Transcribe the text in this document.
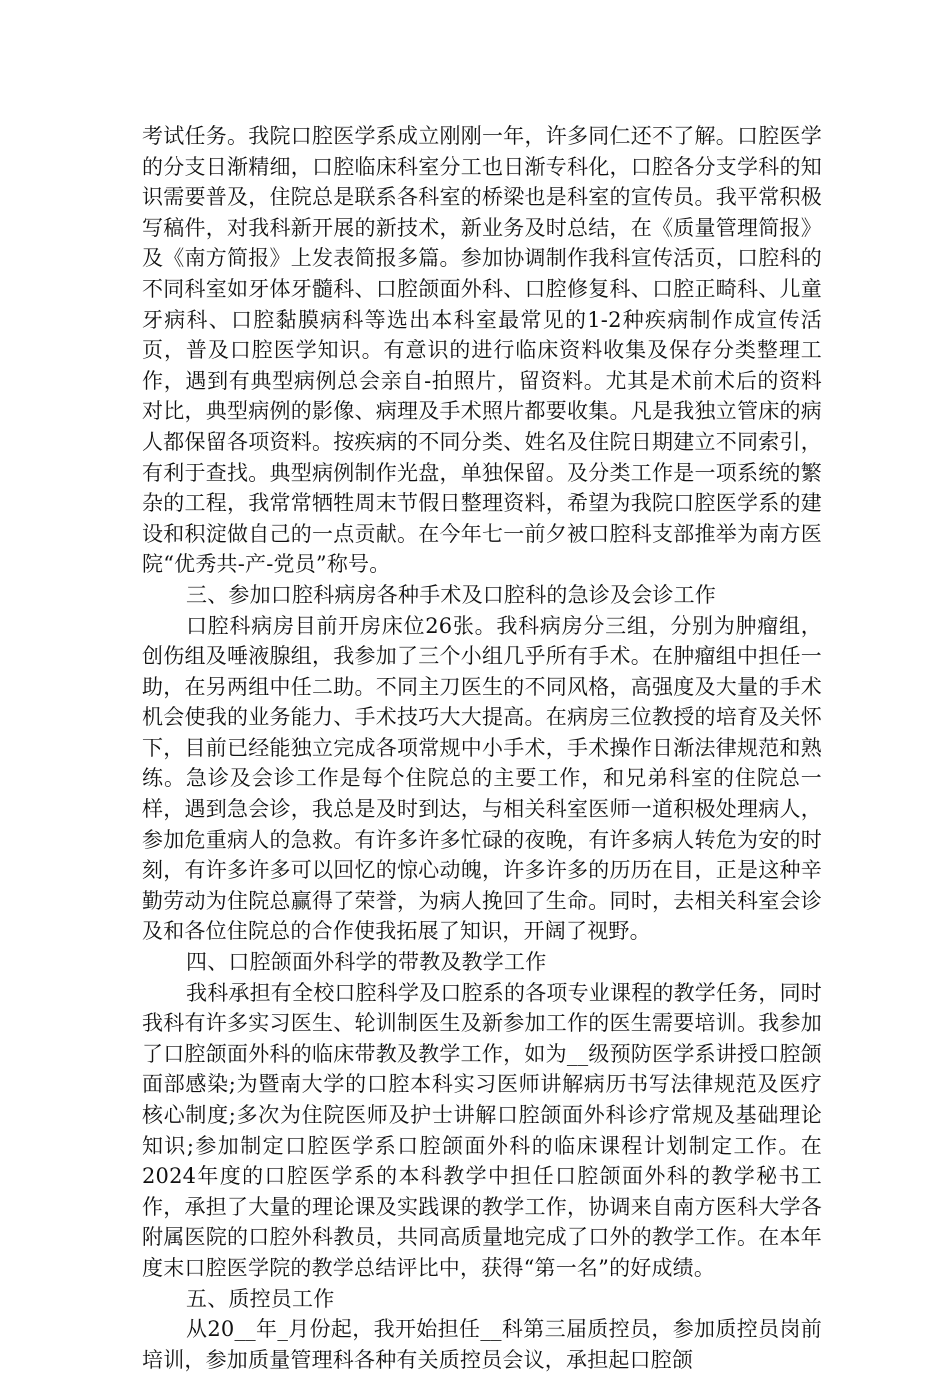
考试任务。我院口腔医学系成立刚刚一年，许多同仁还不了解。口腔医学的分支日渐精细，口腔临床科室分工也日渐专科化，口腔各分支学科的知识需要普及，住院总是联系各科室的桥梁也是科室的宣传员。我平常积极写稿件，对我科新开展的新技术，新业务及时总结，在《质量管理简报》及《南方简报》上发表简报多篇。参加协调制作我科宣传活页，口腔科的不同科室如牙体牙髓科、口腔颌面外科、口腔修复科、口腔正畸科、儿童牙病科、口腔黏膜病科等选出本科室最常见的1-2种疾病制作成宣传活页，普及口腔医学知识。有意识的进行临床资料收集及保存分类整理工作，遇到有典型病例总会亲自-拍照片，留资料。尤其是术前术后的资料对比，典型病例的影像、病理及手术照片都要收集。凡是我独立管床的病人都保留各项资料。按疾病的不同分类、姓名及住院日期建立不同索引，有利于查找。典型病例制作光盘，单独保留。及分类工作是一项系统的繁杂的工程，我常常牺牲周末节假日整理资料，希望为我院口腔医学系的建设和积淀做自己的一点贡献。在今年七一前夕被口腔科支部推举为南方医院“优秀共-产-党员”称号。

三、参加口腔科病房各种手术及口腔科的急诊及会诊工作

口腔科病房目前开房床位26张。我科病房分三组，分别为肿瘤组，创伤组及唾液腺组，我参加了三个小组几乎所有手术。在肿瘤组中担任一助，在另两组中任二助。不同主刀医生的不同风格，高强度及大量的手术机会使我的业务能力、手术技巧大大提高。在病房三位教授的培育及关怀下，目前已经能独立完成各项常规中小手术，手术操作日渐法律规范和熟练。急诊及会诊工作是每个住院总的主要工作，和兄弟科室的住院总一样，遇到急会诊，我总是及时到达，与相关科室医师一道积极处理病人，参加危重病人的急救。有许多许多忙碌的夜晚，有许多病人转危为安的时刻，有许多许多可以回忆的惊心动魄，许多许多的历历在目，正是这种辛勤劳动为住院总赢得了荣誉，为病人挽回了生命。同时，去相关科室会诊及和各位住院总的合作使我拓展了知识，开阔了视野。

四、口腔颌面外科学的带教及教学工作

我科承担有全校口腔科学及口腔系的各项专业课程的教学任务，同时我科有许多实习医生、轮训制医生及新参加工作的医生需要培训。我参加了口腔颌面外科的临床带教及教学工作，如为__级预防医学系讲授口腔颌面部感染;为暨南大学的口腔本科实习医师讲解病历书写法律规范及医疗核心制度;多次为住院医师及护士讲解口腔颌面外科诊疗常规及基础理论知识;参加制定口腔医学系口腔颌面外科的临床课程计划制定工作。在2024年度的口腔医学系的本科教学中担任口腔颌面外科的教学秘书工作，承担了大量的理论课及实践课的教学工作，协调来自南方医科大学各附属医院的口腔外科教员，共同高质量地完成了口外的教学工作。在本年度末口腔医学院的教学总结评比中，获得“第一名”的好成绩。

五、质控员工作

从20__年_月份起，我开始担任__科第三届质控员，参加质控员岗前培训，参加质量管理科各种有关质控员会议，承担起口腔颌
